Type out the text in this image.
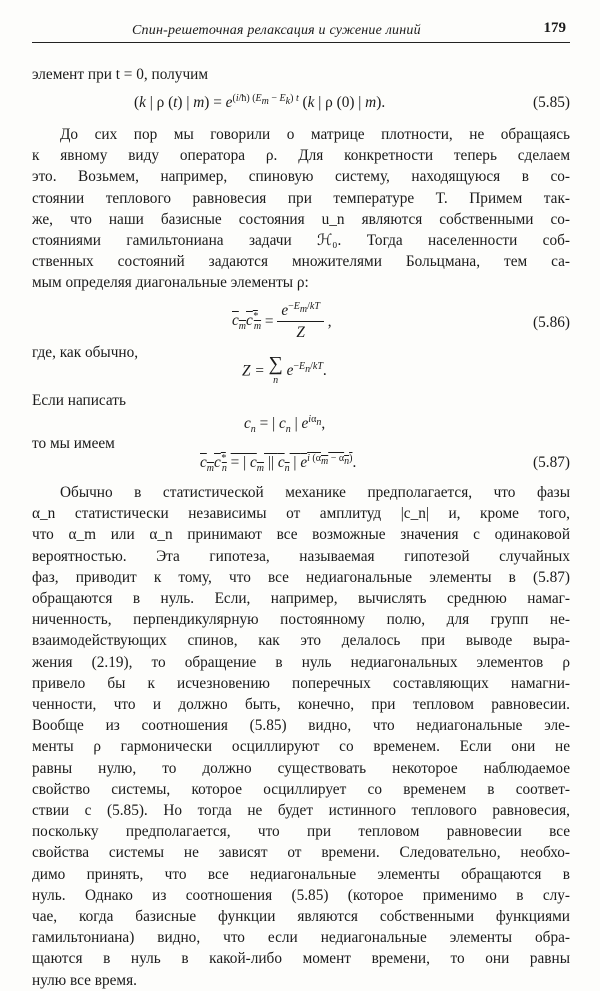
Спин-решеточная релаксация и сужение линий	179
элемент при t = 0, получим
(k | ρ (t) | $m) = e^{(i/ħ) (E_m - E_k) t}$ (k | ρ (0) | m).	(5.85)
До сих пор мы говорили о матрице плотности, не обращаясь
к явному виду оператора ρ. Для конкретности теперь сделаем
это. Возьмем, например, спиновую систему, находящуюся в со-
стоянии теплового равновесия при температуре T. Примем так-
же, что наши базисные состояния u_n являются собственными со-
стояниями гамильтониана задачи ℋ₀. Тогда населенности соб-
ственных состояний задаются множителями Больцмана, тем са-
мым определяя диагональные элементы ρ:
$c_mc^*_m = \frac{e^{-E_m/kT}}{Z}$ ,	(5.86)
где, как обычно,
Z = ∑
n
$e^{-E_n/kT}$.
Если написать
$c_n$ = | $c_n$ | $e^{i\alpha_n}$,
то мы имеем
$c_mc^*_n$ = | $c_m$ || $c_n$ | $e^{i (\alpha_m - \alpha_n)}$.	(5.87)
Обычно в статистической механике предполагается, что фазы
α_n статистически независимы от амплитуд |c_n| и, кроме того,
что α_m или α_n принимают все возможные значения с одинаковой
вероятностью. Эта гипотеза, называемая гипотезой случайных
фаз, приводит к тому, что все недиагональные элементы в (5.87)
обращаются в нуль. Если, например, вычислять среднюю намаг-
ниченность, перпендикулярную постоянному полю, для групп не-
взаимодействующих спинов, как это делалось при выводе выра-
жения (2.19), то обращение в нуль недиагональных элементов ρ
привело бы к исчезновению поперечных составляющих намагни-
ченности, что и должно быть, конечно, при тепловом равновесии.
Вообще из соотношения (5.85) видно, что недиагональные эле-
менты ρ гармонически осциллируют со временем. Если они не
равны нулю, то должно существовать некоторое наблюдаемое
свойство системы, которое осциллирует со временем в соответ-
ствии с (5.85). Но тогда не будет истинного теплового равновесия,
поскольку предполагается, что при тепловом равновесии все
свойства системы не зависят от времени. Следовательно, необхо-
димо принять, что все недиагональные элементы обращаются в
нуль. Однако из соотношения (5.85) (которое применимо в слу-
чае, когда базисные функции являются собственными функциями
гамильтониана) видно, что если недиагональные элементы обра-
щаются в нуль в какой-либо момент времени, то они равны
нулю все время.
